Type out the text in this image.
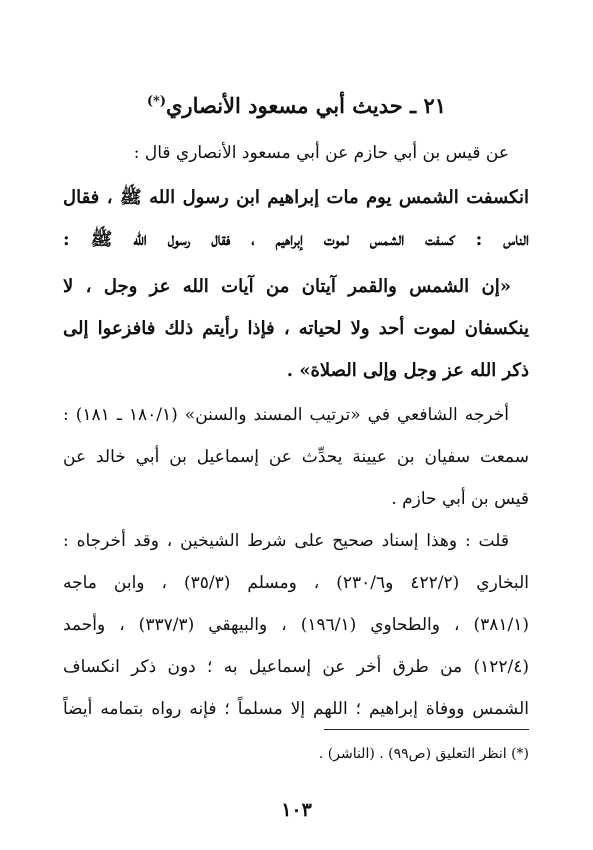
٢١ ـ حديث أبي مسعود الأنصاري(*)
عن قيس بن أبي حازم عن أبي مسعود الأنصاري قال :
انكسفت الشمس يوم مات إبراهيم ابن رسول الله ﷺ ، فقال
الناس : كسفت الشمس لموت إبراهيم ، فقال رسول الله ﷺ :
«إن الشمس والقمر آيتان من آيات الله عز وجل ، لا
ينكسفان لموت أحد ولا لحياته ، فإذا رأيتم ذلك فافزعوا إلى
ذكر الله عز وجل وإلى الصلاة» .
أخرجه الشافعي في «ترتيب المسند والسنن» (١٨٠/١ ـ ١٨١) :
سمعت سفيان بن عيينة يحدِّث عن إسماعيل بن أبي خالد عن
قيس بن أبي حازم .
قلت : وهذا إسناد صحيح على شرط الشيخين ، وقد أخرجاه :
البخاري (٤٢٢/٢ و٢٣٠/٦) ، ومسلم (٣٥/٣) ، وابن ماجه
(٣٨١/١) ، والطحاوي (١٩٦/١) ، والبيهقي (٣٣٧/٣) ، وأحمد
(١٢٢/٤) من طرق أخر عن إسماعيل به ؛ دون ذكر انكساف
الشمس ووفاة إبراهيم ؛ اللهم إلا مسلماً ؛ فإنه رواه بتمامه أيضاً
(*) انظر التعليق (ص٩٩) . (الناشر) .
١٠٣
